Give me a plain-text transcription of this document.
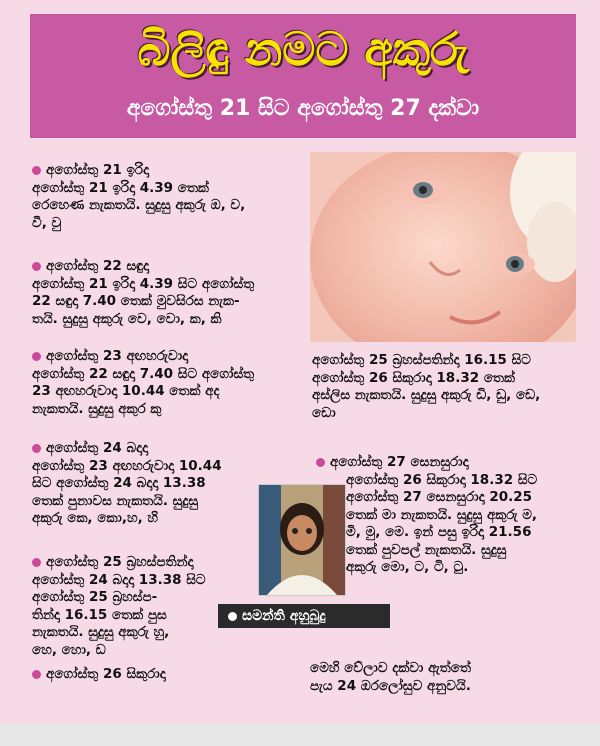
බිලිඳු නමට අකුරු
අගෝස්තු 21 සිට අගෝස්තු 27 දක්වා
අගෝස්තු 21 ඉරිදා
අගෝස්තු 21 ඉරිදා 4.39 තෙක්
රෙහෙණ නැකතයි. සුදුසු අකුරු ඔ, ව,
වී, වු
අගෝස්තු 22 සඳුදා
අගෝස්තු 21 ඉරිදා 4.39 සිට අගෝස්තු
22 සඳුදා 7.40 තෙක් මුවසිරස නැක-
තයි. සුදුසු අකුරු වෙ, වො, ක, කි
අගෝස්තු 23 අඟහරුවාදා
අගෝස්තු 22 සඳුදා 7.40 සිට අගෝස්තු
23 අඟහරුවාදා 10.44 තෙක් අද
නැකතයි. සුදුසු අකුර කු
අගෝස්තු 24 බදාදා
අගෝස්තු 23 අඟහරුවාදා 10.44
සිට අගෝස්තු 24 බදාදා 13.38
තෙක් පුනාවස නැකතයි. සුදුසු
අකුරු කෙ, කො,හ, හි
අගෝස්තු 25 බ්‍රහස්පතින්දා
අගෝස්තු 24 බදාදා 13.38 සිට
අගෝස්තු 25 බ්‍රහස්ප-
තින්දා 16.15 තෙක් පුස
නැකතයි. සුදුසු අකුරු හු,
හෙ, හො, ඩ
අගෝස්තු 26 සිකුරාදා
අගෝස්තු 25 බ්‍රහස්පතින්දා 16.15 සිට
අගෝස්තු 26 සිකුරාදා 18.32 තෙක්
අස්ලිස නැකතයි. සුදුසු අකුරු ඩි, ඩු, ඩෙ,
ඩො
අගෝස්තු 27 සෙනසුරාදා
අගෝස්තු 26 සිකුරාදා 18.32 සිට
අගෝස්තු 27 සෙනසුරාදා 20.25
තෙක් මා නැකතයි. සුදුසු අකුරු ම,
මි, මු, මෙ. ඉන් පසු ඉරිදා 21.56
තෙක් පුවපල් නැකතයි. සුදුසු
අකුරු මො, ට, ටි, ටු.
සමන්ති අහුබුදු
මෙහි වේලාව දක්වා ඇත්තේ
පැය 24 ඔරලෝසුව අනුවයි.
